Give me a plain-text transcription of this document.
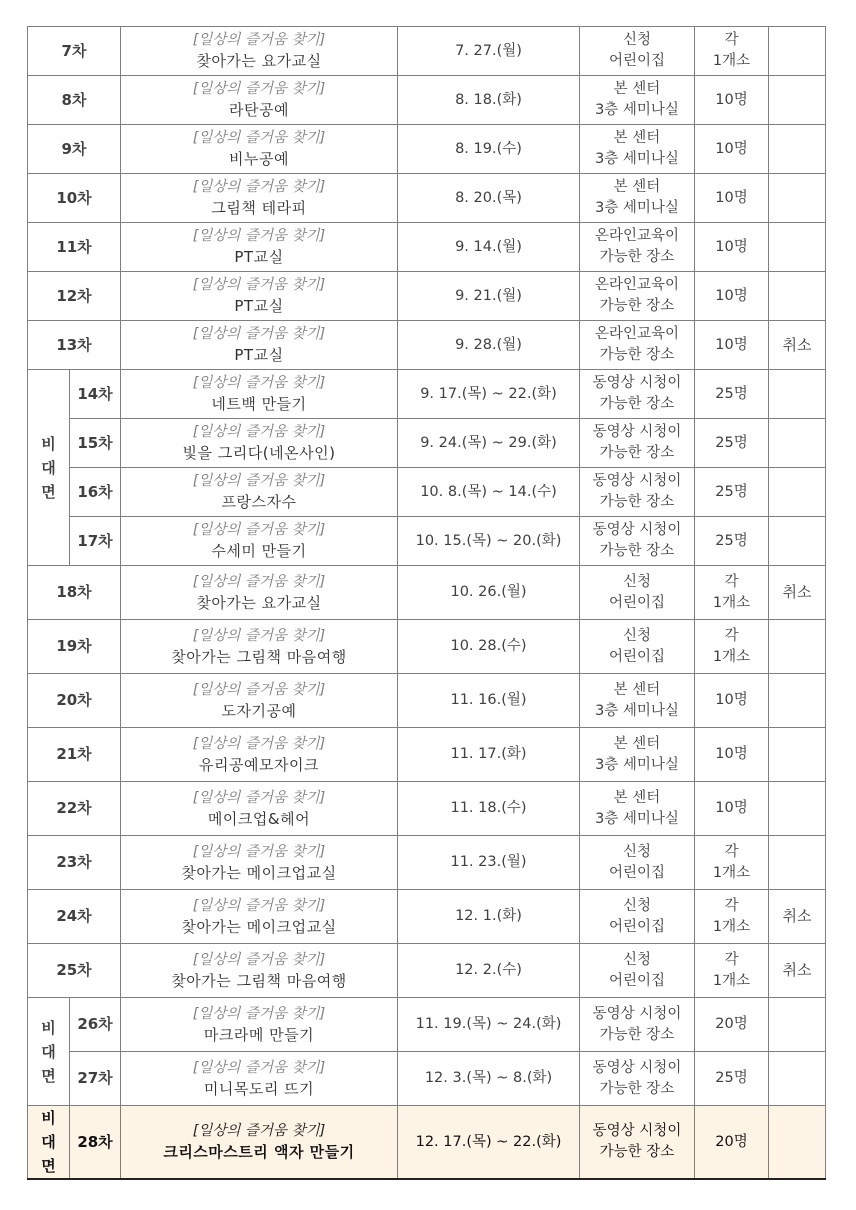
7차		[일상의 즐거움 찾기]
찾아가는 요가교실	7. 27.(월)	신청
어린이집	각
1개소	

8차		[일상의 즐거움 찾기]
라탄공예	8. 18.(화)	본 센터
3층 세미나실	10명	

9차		[일상의 즐거움 찾기]
비누공예	8. 19.(수)	본 센터
3층 세미나실	10명	

10차		[일상의 즐거움 찾기]
그림책 테라피	8. 20.(목)	본 센터
3층 세미나실	10명	

11차		[일상의 즐거움 찾기]
PT교실	9. 14.(월)	온라인교육이
가능한 장소	10명	

12차		[일상의 즐거움 찾기]
PT교실	9. 21.(월)	온라인교육이
가능한 장소	10명	

13차		[일상의 즐거움 찾기]
PT교실	9. 28.(월)	온라인교육이
가능한 장소	10명	취소

비
대
면	14차	[일상의 즐거움 찾기]
네트백 만들기	9. 17.(목) ~ 22.(화)	동영상 시청이
가능한 장소	25명	

	15차	[일상의 즐거움 찾기]
빛을 그리다(네온사인)	9. 24.(목) ~ 29.(화)	동영상 시청이
가능한 장소	25명	

	16차	[일상의 즐거움 찾기]
프랑스자수	10. 8.(목) ~ 14.(수)	동영상 시청이
가능한 장소	25명	

	17차	[일상의 즐거움 찾기]
수세미 만들기	10. 15.(목) ~ 20.(화)	동영상 시청이
가능한 장소	25명	

18차		[일상의 즐거움 찾기]
찾아가는 요가교실	10. 26.(월)	신청
어린이집	각
1개소	취소
19차		[일상의 즐거움 찾기]
찾아가는 그림책 마음여행	10. 28.(수)	신청
어린이집	각
1개소	

20차		[일상의 즐거움 찾기]
도자기공예	11. 16.(월)	본 센터
3층 세미나실	10명	

21차		[일상의 즐거움 찾기]
유리공예모자이크	11. 17.(화)	본 센터
3층 세미나실	10명	

22차		[일상의 즐거움 찾기]
메이크업&헤어	11. 18.(수)	본 센터
3층 세미나실	10명	

23차		[일상의 즐거움 찾기]
찾아가는 메이크업교실	11. 23.(월)	신청
어린이집	각
1개소	

24차		[일상의 즐거움 찾기]
찾아가는 메이크업교실	12. 1.(화)	신청
어린이집	각
1개소	취소
25차		[일상의 즐거움 찾기]
찾아가는 그림책 마음여행	12. 2.(수)	신청
어린이집	각
1개소	취소

비
대
면	26차	[일상의 즐거움 찾기]
마크라메 만들기	11. 19.(목) ~ 24.(화)	동영상 시청이
가능한 장소	20명	

	27차	[일상의 즐거움 찾기]
미니목도리 뜨기	12. 3.(목) ~ 8.(화)	동영상 시청이
가능한 장소	25명	

비
대
면	28차	[일상의 즐거움 찾기]
크리스마스트리 액자 만들기	12. 17.(목) ~ 22.(화)	동영상 시청이
가능한 장소	20명	
